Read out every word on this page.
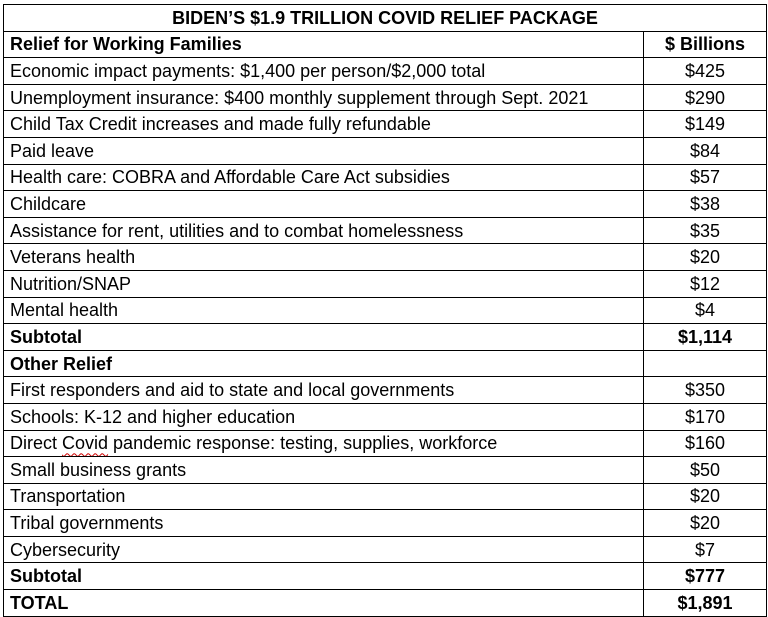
BIDEN’S $1.9 TRILLION COVID RELIEF PACKAGE	
Relief for Working Families	$ Billions
Economic impact payments: $1,400 per person/$2,000 total	$425
Unemployment insurance: $400 monthly supplement through Sept. 2021	$290
Child Tax Credit increases and made fully refundable	$149
Paid leave	$84
Health care: COBRA and Affordable Care Act subsidies	$57
Childcare	$38
Assistance for rent, utilities and to combat homelessness	$35
Veterans health	$20
Nutrition/SNAP	$12
Mental health	$4
Subtotal	$1,114
Other Relief	
First responders and aid to state and local governments	$350
Schools: K-12 and higher education	$170
Direct Covid pandemic response: testing, supplies, workforce	$160
Small business grants	$50
Transportation	$20
Tribal governments	$20
Cybersecurity	$7
Subtotal	$777
TOTAL	$1,891
